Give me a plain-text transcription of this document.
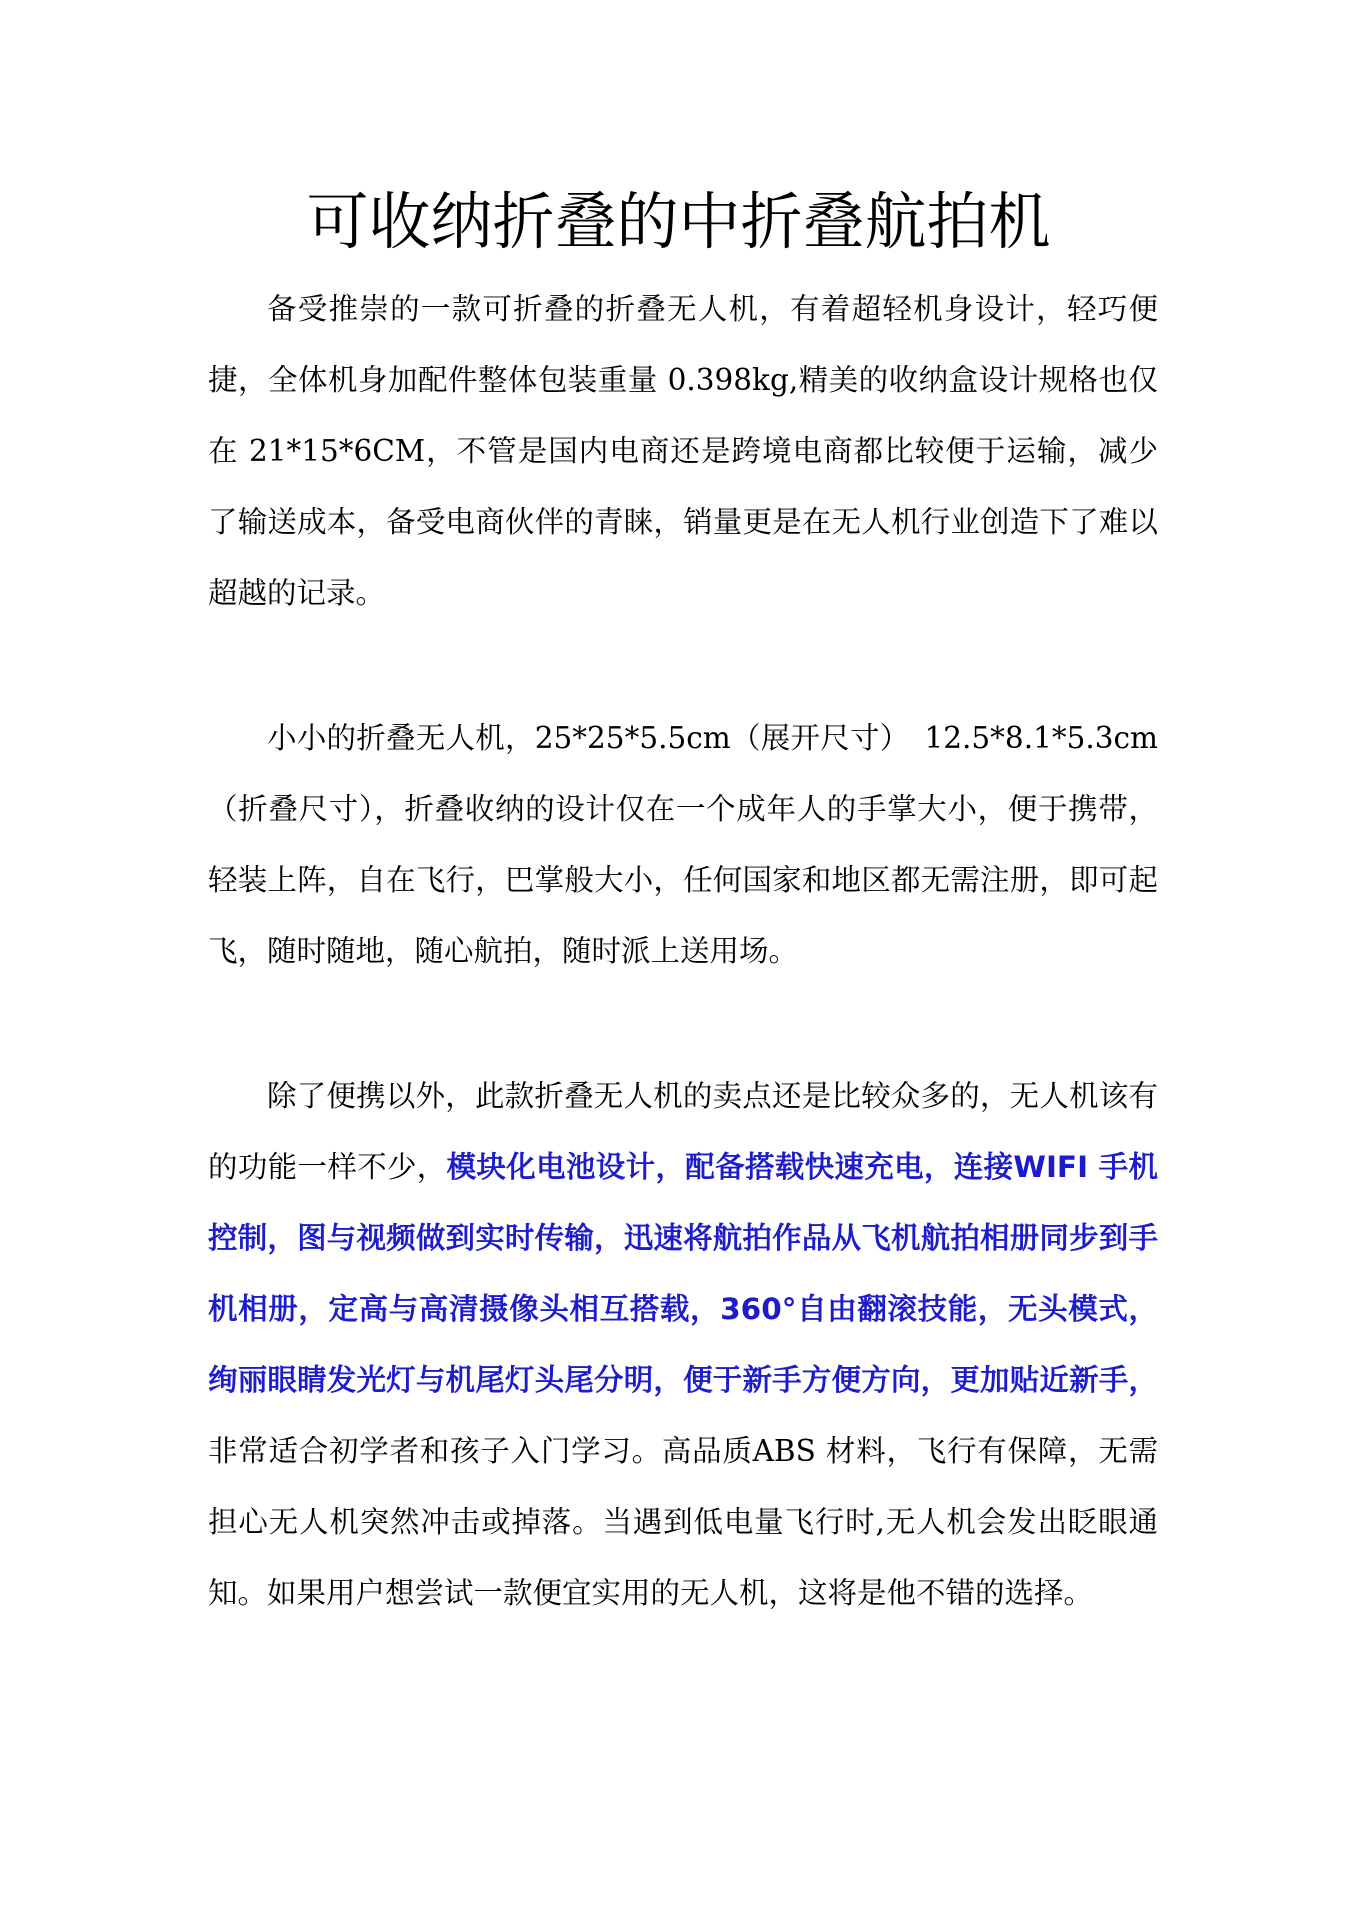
可收纳折叠的中折叠航拍机

备受推崇的一款可折叠的折叠无人机，有着超轻机身设计，轻巧便捷，全体机身加配件整体包装重量 0.398kg,精美的收纳盒设计规格也仅在 21*15*6CM，不管是国内电商还是跨境电商都比较便于运输，减少了输送成本，备受电商伙伴的青睐，销量更是在无人机行业创造下了难以超越的记录。

小小的折叠无人机，25*25*5.5cm（展开尺寸）　12.5*8.1*5.3cm（折叠尺寸），折叠收纳的设计仅在一个成年人的手掌大小，便于携带，轻装上阵，自在飞行，巴掌般大小，任何国家和地区都无需注册，即可起飞，随时随地，随心航拍，随时派上送用场。

除了便携以外，此款折叠无人机的卖点还是比较众多的，无人机该有的功能一样不少，模块化电池设计，配备搭载快速充电，连接WIFI 手机控制，图与视频做到实时传输，迅速将航拍作品从飞机航拍相册同步到手机相册，定高与高清摄像头相互搭载，360°自由翻滚技能，无头模式，绚丽眼睛发光灯与机尾灯头尾分明，便于新手方便方向，更加贴近新手，非常适合初学者和孩子入门学习。高品质ABS 材料，飞行有保障，无需担心无人机突然冲击或掉落。当遇到低电量飞行时,无人机会发出眨眼通知。如果用户想尝试一款便宜实用的无人机，这将是他不错的选择。
